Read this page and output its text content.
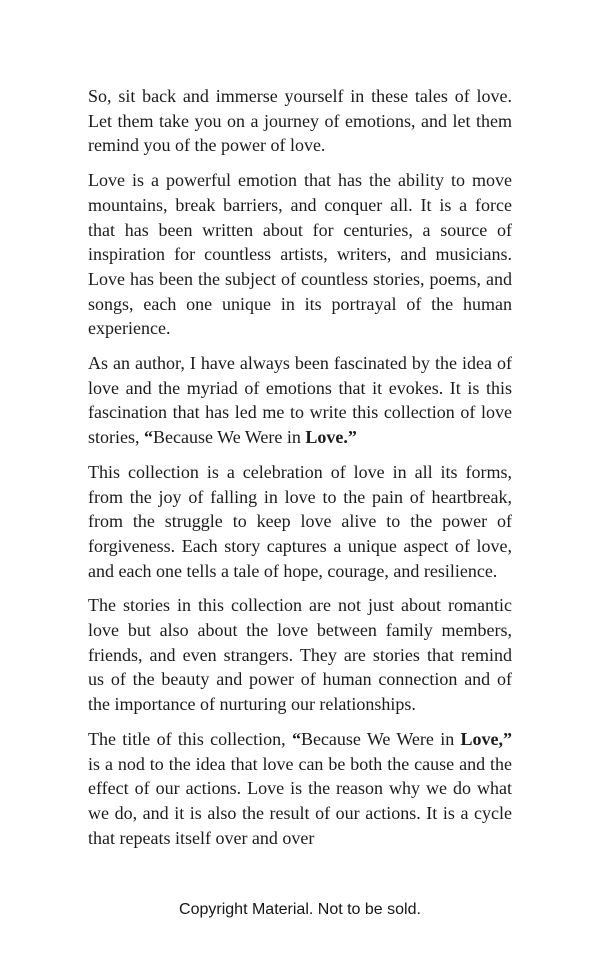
So, sit back and immerse yourself in these tales of love. Let them take you on a journey of emotions, and let them remind you of the power of love.

Love is a powerful emotion that has the ability to move mountains, break barriers, and conquer all. It is a force that has been written about for centuries, a source of inspiration for countless artists, writers, and musicians. Love has been the subject of countless stories, poems, and songs, each one unique in its portrayal of the human experience.

As an author, I have always been fascinated by the idea of love and the myriad of emotions that it evokes. It is this fascination that has led me to write this collection of love stories, “Because We Were in Love.”

This collection is a celebration of love in all its forms, from the joy of falling in love to the pain of heartbreak, from the struggle to keep love alive to the power of forgiveness. Each story captures a unique aspect of love, and each one tells a tale of hope, courage, and resilience.

The stories in this collection are not just about romantic love but also about the love between family members, friends, and even strangers. They are stories that remind us of the beauty and power of human connection and of the importance of nurturing our relationships.

The title of this collection, “Because We Were in Love,” is a nod to the idea that love can be both the cause and the effect of our actions. Love is the reason why we do what we do, and it is also the result of our actions. It is a cycle that repeats itself over and over

Copyright Material. Not to be sold.
